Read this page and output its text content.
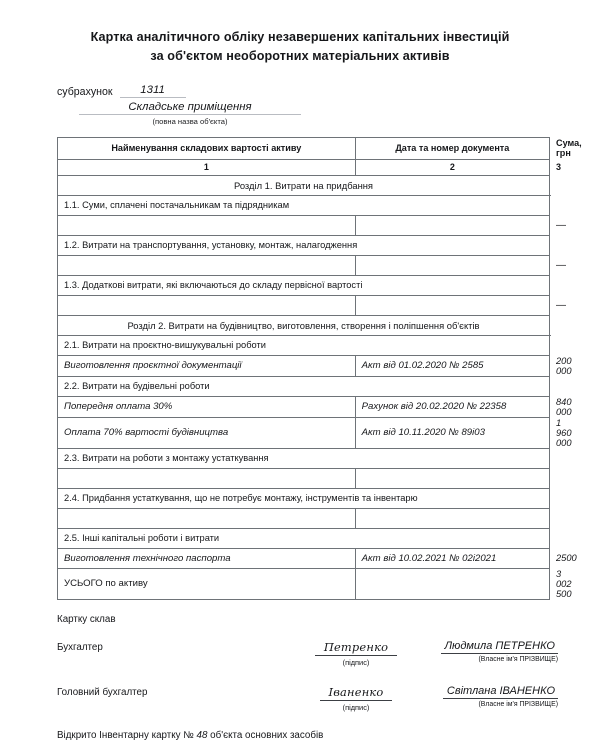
Картка аналітичного обліку незавершених капітальних інвестицій
за об'єктом необоротних матеріальних активів
субрахунок	1311
Складське приміщення
(повна назва об'єкта)
Найменування складових вартості активу	Дата та номер документа	Сума, грн
1	2	3
Розділ 1. Витрати на придбання		
1.1. Суми, сплачені постачальникам та підрядникам		
		—
1.2. Витрати на транспортування, установку, монтаж, налагодження		
		—
1.3. Додаткові витрати, які включаються до складу первісної вартості		
		—
Розділ 2. Витрати на будівництво, виготовлення, створення і поліпшення об'єктів		
2.1. Витрати на проєктно-вишукувальні роботи		
Виготовлення проєктної документації	Акт від 01.02.2020 № 2585	200 000
2.2. Витрати на будівельні роботи		
Попередня оплата 30%	Рахунок від 20.02.2020 № 22358	840 000
Оплата 70% вартості будівництва	Акт від 10.11.2020 № 89і03	1 960 000
2.3. Витрати на роботи з монтажу устаткування		

2.4. Придбання устаткування, що не потребує монтажу, інструментів та інвентарю		

2.5. Інші капітальні роботи і витрати		
Виготовлення технічного паспорта	Акт від 10.02.2021 № 02і2021	2500
УСЬОГО по активу		3 002 500
Картку склав
Бухгалтер	Петренко
(підпис)
Людмила ПЕТРЕНКО
(Власне ім'я ПРІЗВИЩЕ)
Головний бухгалтер	Іваненко
(підпис)
Світлана ІВАНЕНКО
(Власне ім'я ПРІЗВИЩЕ)
Відкрито Інвентарну картку № 48 об'єкта основних засобів
